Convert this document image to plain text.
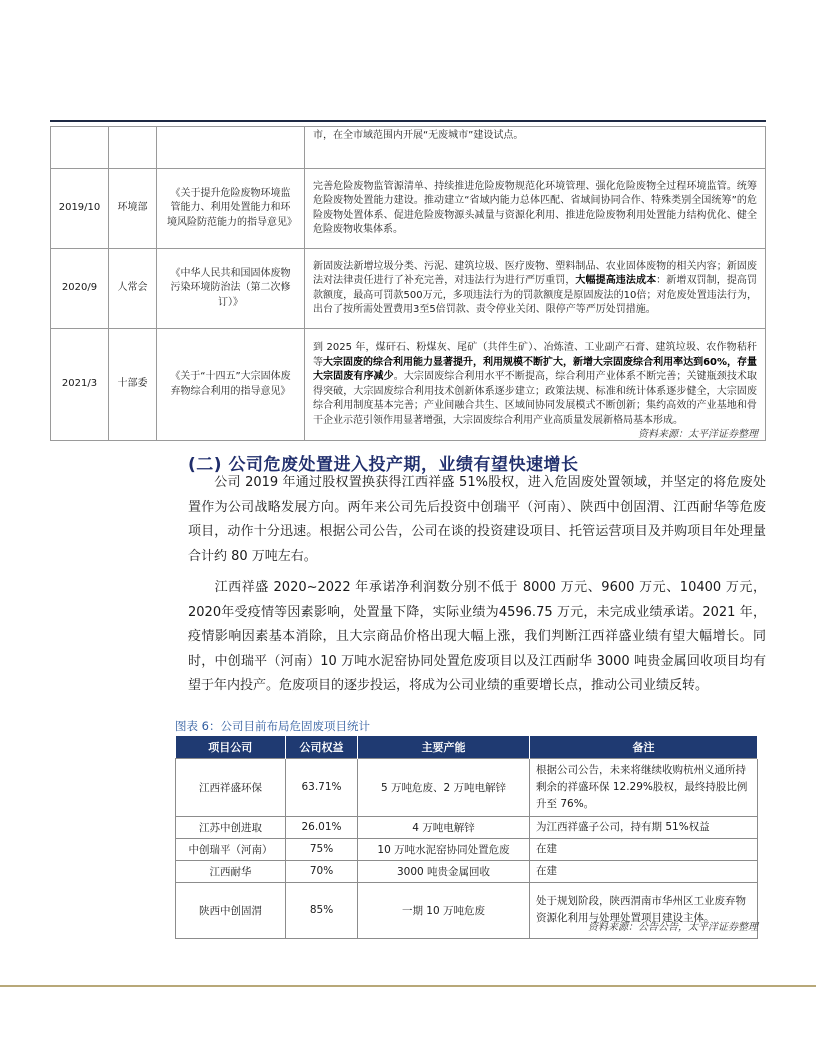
			市，在全市域范围内开展“无废城市”建设试点。
2019/10	环境部	《关于提升危险废物环境监管能力、利用处置能力和环境风险防范能力的指导意见》	完善危险废物监管源清单、持续推进危险废物规范化环境管理、强化危险废物全过程环境监管。统筹危险废物处置能力建设。推动建立“省域内能力总体匹配、省域间协同合作、特殊类别全国统筹”的危险废物处置体系、促进危险废物源头减量与资源化利用、推进危险废物利用处置能力结构优化、健全危险废物收集体系。
2020/9	人常会	《中华人民共和国固体废物污染环境防治法（第二次修订）》	新固废法新增垃圾分类、污泥、建筑垃圾、医疗废物、塑料制品、农业固体废物的相关内容；新固废法对法律责任进行了补充完善，对违法行为进行严厉重罚，大幅提高违法成本：新增双罚制，提高罚款额度，最高可罚款500万元，多项违法行为的罚款额度是原固废法的10倍；对危废处置违法行为，出台了按所需处置费用3至5倍罚款、责令停业关闭、限停产等严厉处罚措施。
2021/3	十部委	《关于“十四五”大宗固体废弃物综合利用的指导意见》	到 2025 年，煤矸石、粉煤灰、尾矿（共伴生矿）、冶炼渣、工业副产石膏、建筑垃圾、农作物秸秆等大宗固废的综合利用能力显著提升，利用规模不断扩大，新增大宗固废综合利用率达到60%，存量大宗固废有序减少。大宗固废综合利用水平不断提高，综合利用产业体系不断完善；关键瓶颈技术取得突破，大宗固废综合利用技术创新体系逐步建立；政策法规、标准和统计体系逐步健全，大宗固废综合利用制度基本完善；产业间融合共生、区域间协同发展模式不断创新；集约高效的产业基地和骨干企业示范引领作用显著增强，大宗固废综合利用产业高质量发展新格局基本形成。
资料来源：太平洋证券整理
(二) 公司危废处置进入投产期，业绩有望快速增长
公司 2019 年通过股权置换获得江西祥盛 51%股权，进入危固废处置领域，并坚定的将危废处置作为公司战略发展方向。两年来公司先后投资中创瑞平（河南）、陕西中创固渭、江西耐华等危废项目，动作十分迅速。根据公司公告，公司在谈的投资建设项目、托管运营项目及并购项目年处理量合计约 80 万吨左右。
江西祥盛 2020~2022 年承诺净利润数分别不低于 8000 万元、9600 万元、10400 万元，2020年受疫情等因素影响，处置量下降，实际业绩为4596.75 万元，未完成业绩承诺。2021 年，疫情影响因素基本消除，且大宗商品价格出现大幅上涨，我们判断江西祥盛业绩有望大幅增长。同时，中创瑞平（河南）10 万吨水泥窑协同处置危废项目以及江西耐华 3000 吨贵金属回收项目均有望于年内投产。危废项目的逐步投运，将成为公司业绩的重要增长点，推动公司业绩反转。
图表 6：公司目前布局危固废项目统计
项目公司	公司权益	主要产能	备注
江西祥盛环保	63.71%	5 万吨危废、2 万吨电解锌	根据公司公告，未来将继续收购杭州义通所持剩余的祥盛环保 12.29%股权，最终持股比例升至 76%。
江苏中创进取	26.01%	4 万吨电解锌	为江西祥盛子公司，持有期 51%权益
中创瑞平（河南）	75%	10 万吨水泥窑协同处置危废	在建
江西耐华	70%	3000 吨贵金属回收	在建
陕西中创固渭	85%	一期 10 万吨危废	处于规划阶段，陕西渭南市华州区工业废弃物资源化利用与处理处置项目建设主体。
资料来源：公告公告，太平洋证券整理
